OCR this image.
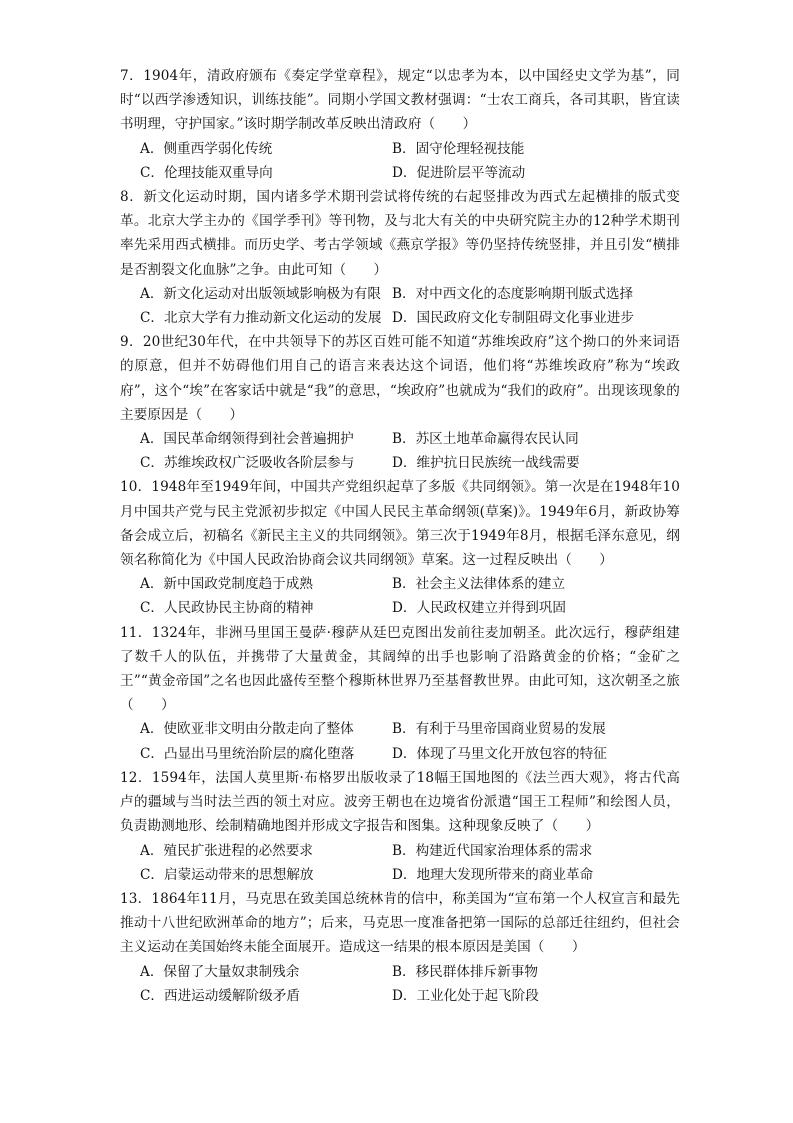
7．1904年，清政府颁布《奏定学堂章程》，规定“以忠孝为本，以中国经史文学为基”，同时“以西学渗透知识，训练技能”。同期小学国文教材强调：“士农工商兵，各司其职，皆宜读书明理，守护国家。”该时期学制改革反映出清政府（　　）
A．侧重西学弱化传统	B．固守伦理轻视技能
C．伦理技能双重导向	D．促进阶层平等流动
8．新文化运动时期，国内诸多学术期刊尝试将传统的右起竖排改为西式左起横排的版式变革。北京大学主办的《国学季刊》等刊物，及与北大有关的中央研究院主办的12种学术期刊率先采用西式横排。而历史学、考古学领域《燕京学报》等仍坚持传统竖排，并且引发“横排是否割裂文化血脉”之争。由此可知（　　）
A．新文化运动对出版领域影响极为有限 B．对中西文化的态度影响期刊版式选择
C．北京大学有力推动新文化运动的发展 D．国民政府文化专制阻碍文化事业进步
9．20世纪30年代，在中共领导下的苏区百姓可能不知道“苏维埃政府”这个拗口的外来词语的原意，但并不妨碍他们用自己的语言来表达这个词语，他们将“苏维埃政府”称为“埃政府”，这个“埃”在客家话中就是“我”的意思，“埃政府”也就成为“我们的政府”。出现该现象的主要原因是（　　）
A．国民革命纲领得到社会普遍拥护	B．苏区土地革命赢得农民认同
C．苏维埃政权广泛吸收各阶层参与	D．维护抗日民族统一战线需要
10．1948年至1949年间，中国共产党组织起草了多版《共同纲领》。第一次是在1948年10月中国共产党与民主党派初步拟定《中国人民民主革命纲领(草案)》。1949年6月，新政协筹备会成立后，初稿名《新民主主义的共同纲领》。第三次于1949年8月，根据毛泽东意见，纲领名称简化为《中国人民政治协商会议共同纲领》草案。这一过程反映出（　　）
A．新中国政党制度趋于成熟	B．社会主义法律体系的建立
C．人民政协民主协商的精神	D．人民政权建立并得到巩固
11．1324年，非洲马里国王曼萨·穆萨从廷巴克图出发前往麦加朝圣。此次远行，穆萨组建了数千人的队伍，并携带了大量黄金，其阔绰的出手也影响了沿路黄金的价格；“金矿之王”“黄金帝国”之名也因此盛传至整个穆斯林世界乃至基督教世界。由此可知，这次朝圣之旅（　　）
A．使欧亚非文明由分散走向了整体	B．有利于马里帝国商业贸易的发展
C．凸显出马里统治阶层的腐化堕落	D．体现了马里文化开放包容的特征
12．1594年，法国人莫里斯·布格罗出版收录了18幅王国地图的《法兰西大观》，将古代高卢的疆域与当时法兰西的领土对应。波旁王朝也在边境省份派遣“国王工程师”和绘图人员，负责勘测地形、绘制精确地图并形成文字报告和图集。这种现象反映了（　　）
A．殖民扩张进程的必然要求	B．构建近代国家治理体系的需求
C．启蒙运动带来的思想解放	D．地理大发现所带来的商业革命
13．1864年11月，马克思在致美国总统林肯的信中，称美国为“宣布第一个人权宣言和最先推动十八世纪欧洲革命的地方”；后来，马克思一度准备把第一国际的总部迁往纽约，但社会主义运动在美国始终未能全面展开。造成这一结果的根本原因是美国（　　）
A．保留了大量奴隶制残余	B．移民群体排斥新事物
C．西进运动缓解阶级矛盾	D．工业化处于起飞阶段
